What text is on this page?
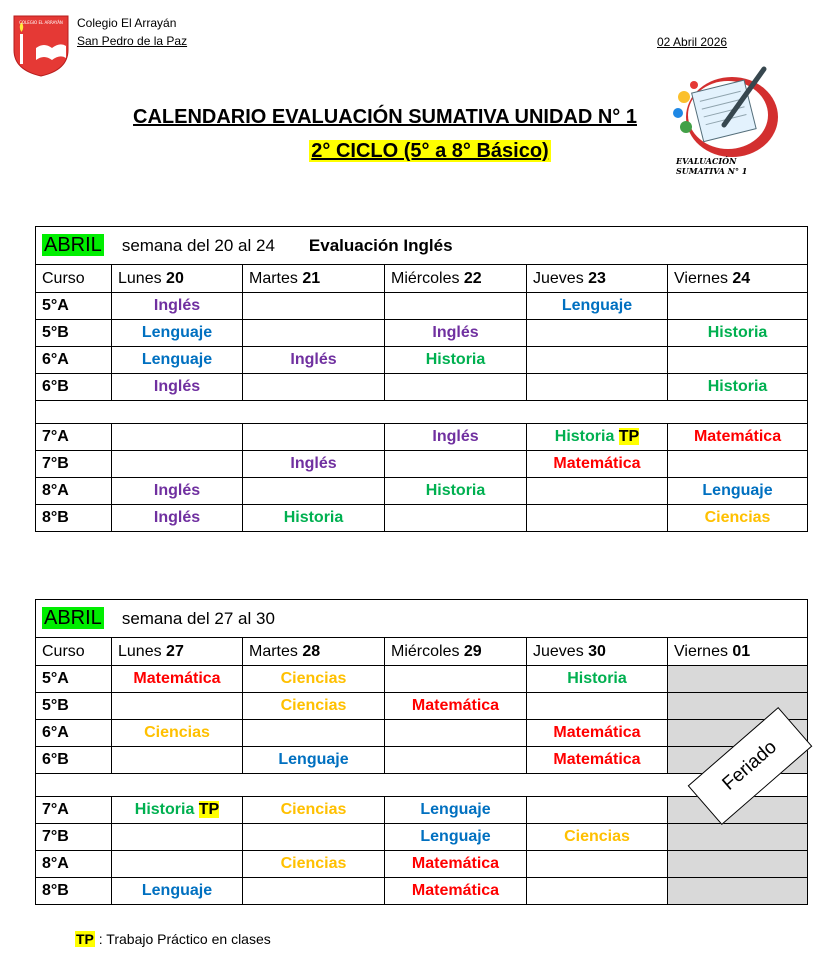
COLEGIO EL ARRAYÁN Colegio El Arrayán
San Pedro de la Paz	02 Abril 2026
CALENDARIO EVALUACIÓN SUMATIVA UNIDAD N° 1
2° CICLO (5° a 8° Básico)	EVALUACIÓN
SUMATIVA N° 1
ABRIL semana del 20 al 24 Evaluación Inglés					
Curso	Lunes 20	Martes 21	Miércoles 22	Jueves 23	Viernes 24
5°A	Inglés			Lenguaje	
5°B	Lenguaje		Inglés		Historia
6°A	Lenguaje	Inglés	Historia		
6°B	Inglés				Historia

7°A			Inglés	Historia TP	Matemática
7°B		Inglés		Matemática	
8°A	Inglés		Historia		Lenguaje
8°B	Inglés	Historia			Ciencias
ABRIL semana del 27 al 30					
Curso	Lunes 27	Martes 28	Miércoles 29	Jueves 30	Viernes 01
5°A	Matemática	Ciencias		Historia	
5°B		Ciencias	Matemática		
6°A	Ciencias			Matemática	
6°B		Lenguaje		Matemática	

7°A	Historia TP	Ciencias	Lenguaje		
7°B			Lenguaje	Ciencias	
8°A		Ciencias	Matemática		
8°B	Lenguaje		Matemática		
Feriado
TP : Trabajo Práctico en clases
